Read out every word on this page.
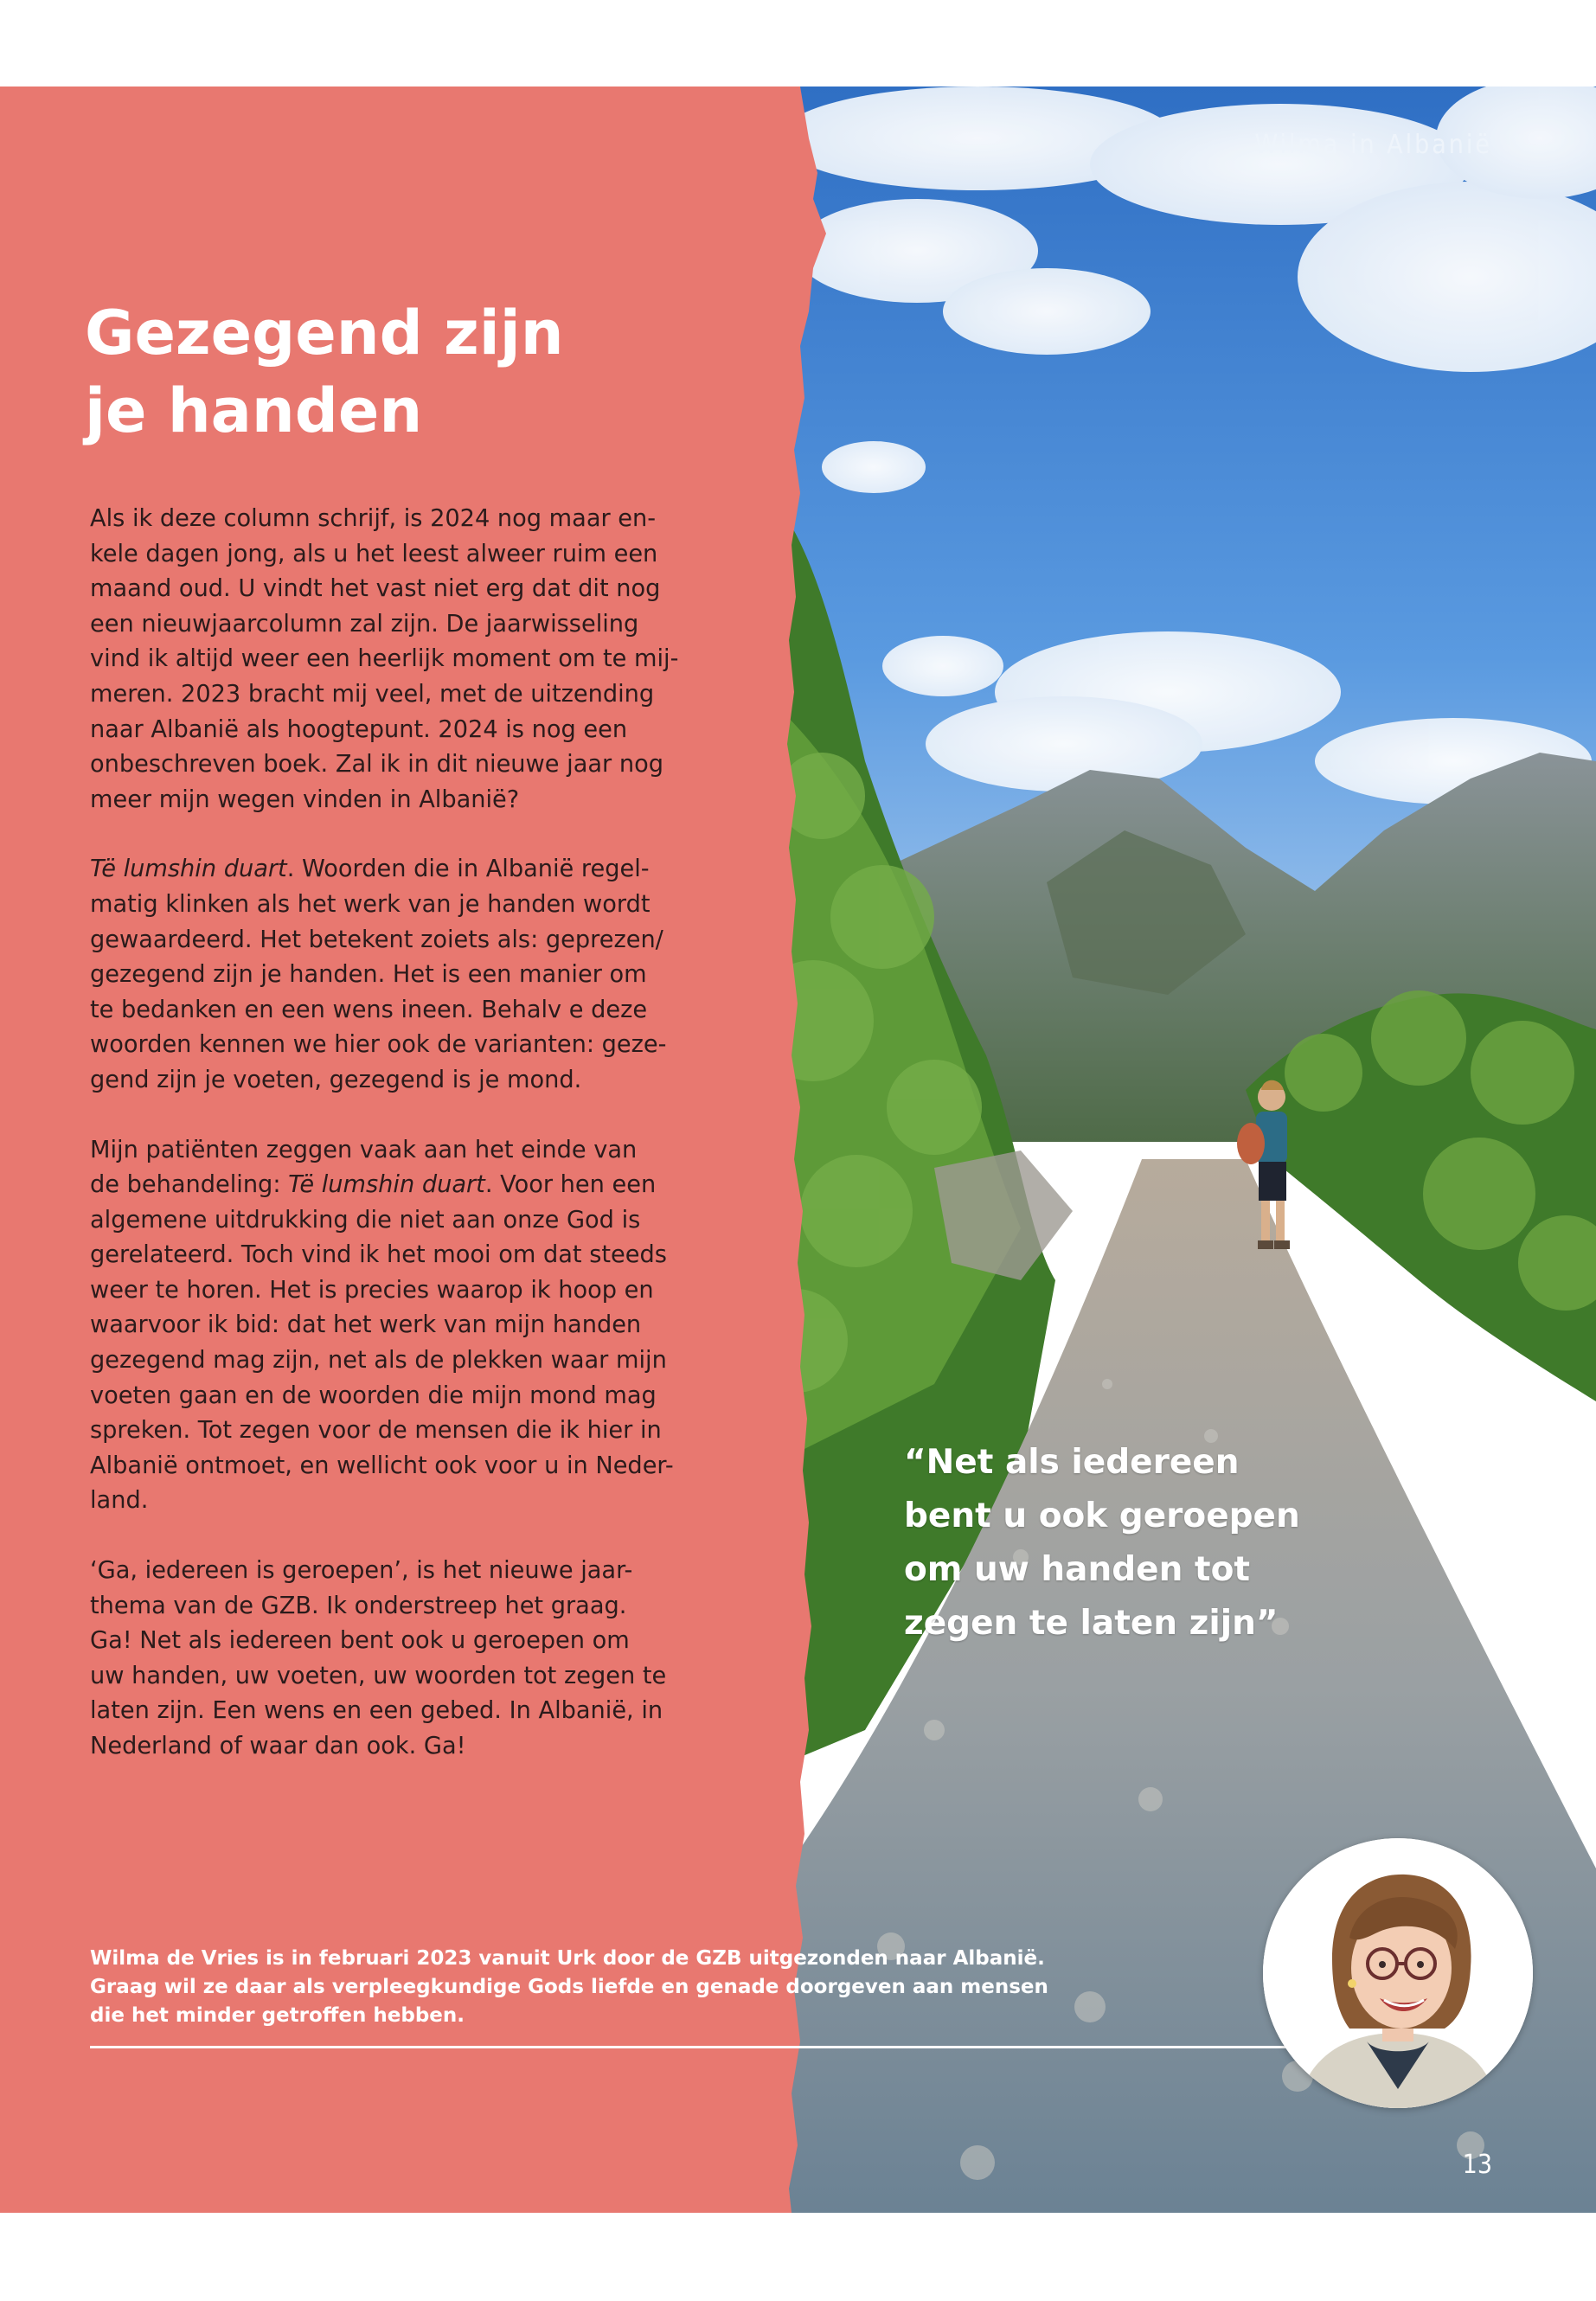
Wilma in Albanië
Gezegend zijn
je handen

Als ik deze column schrijf, is 2024 nog maar en-
kele dagen jong, als u het leest alweer ruim een
maand oud. U vindt het vast niet erg dat dit nog
een nieuwjaarcolumn zal zijn. De jaarwisseling
vind ik altijd weer een heerlijk moment om te mij-
meren. 2023 bracht mij veel, met de uitzending
naar Albanië als hoogtepunt. 2024 is nog een
onbeschreven boek. Zal ik in dit nieuwe jaar nog
meer mijn wegen vinden in Albanië?

Të lumshin duart. Woorden die in Albanië regel-
matig klinken als het werk van je handen wordt
gewaardeerd. Het betekent zoiets als: geprezen/
gezegend zijn je handen. Het is een manier om
te bedanken en een wens ineen. Behalv e deze
woorden kennen we hier ook de varianten: geze-
gend zijn je voeten, gezegend is je mond.

Mijn patiënten zeggen vaak aan het einde van
de behandeling: Të lumshin duart. Voor hen een
algemene uitdrukking die niet aan onze God is
gerelateerd. Toch vind ik het mooi om dat steeds
weer te horen. Het is precies waarop ik hoop en
waarvoor ik bid: dat het werk van mijn handen
gezegend mag zijn, net als de plekken waar mijn
voeten gaan en de woorden die mijn mond mag
spreken. Tot zegen voor de mensen die ik hier in
Albanië ontmoet, en wellicht ook voor u in Neder-
land.

‘Ga, iedereen is geroepen’, is het nieuwe jaar-
thema van de GZB. Ik onderstreep het graag.
Ga! Net als iedereen bent ook u geroepen om
uw handen, uw voeten, uw woorden tot zegen te
laten zijn. Een wens en een gebed. In Albanië, in
Nederland of waar dan ook. Ga!

“Net als iedereen
bent u ook geroepen
om uw handen tot
zegen te laten zijn”
Wilma de Vries is in februari 2023 vanuit Urk door de GZB uitgezonden naar Albanië.
Graag wil ze daar als verpleegkundige Gods liefde en genade doorgeven aan mensen
die het minder getroffen hebben.
13
